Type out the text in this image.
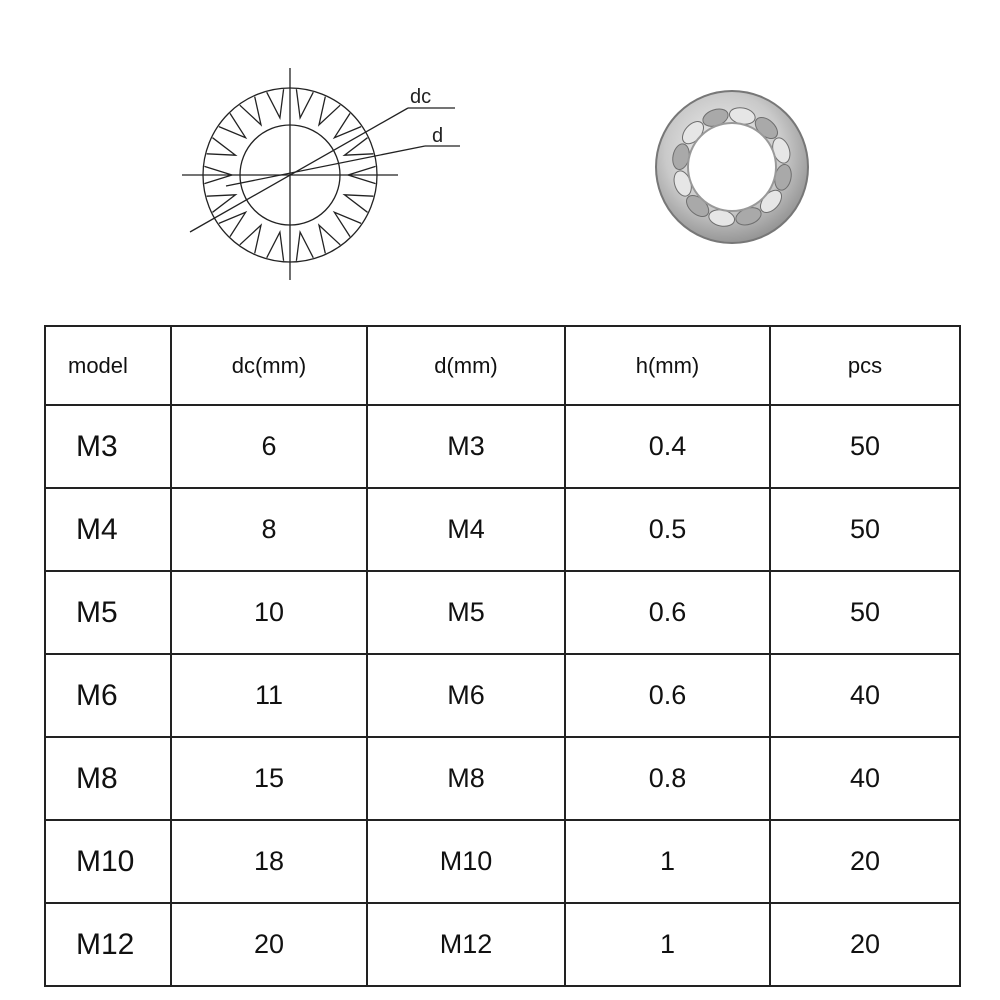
dc
d
model	dc(mm)	d(mm)	h(mm)	pcs
M3	6	M3	0.4	50
M4	8	M4	0.5	50
M5	10	M5	0.6	50
M6	11	M6	0.6	40
M8	15	M8	0.8	40
M10	18	M10	1	20
M12	20	M12	1	20
